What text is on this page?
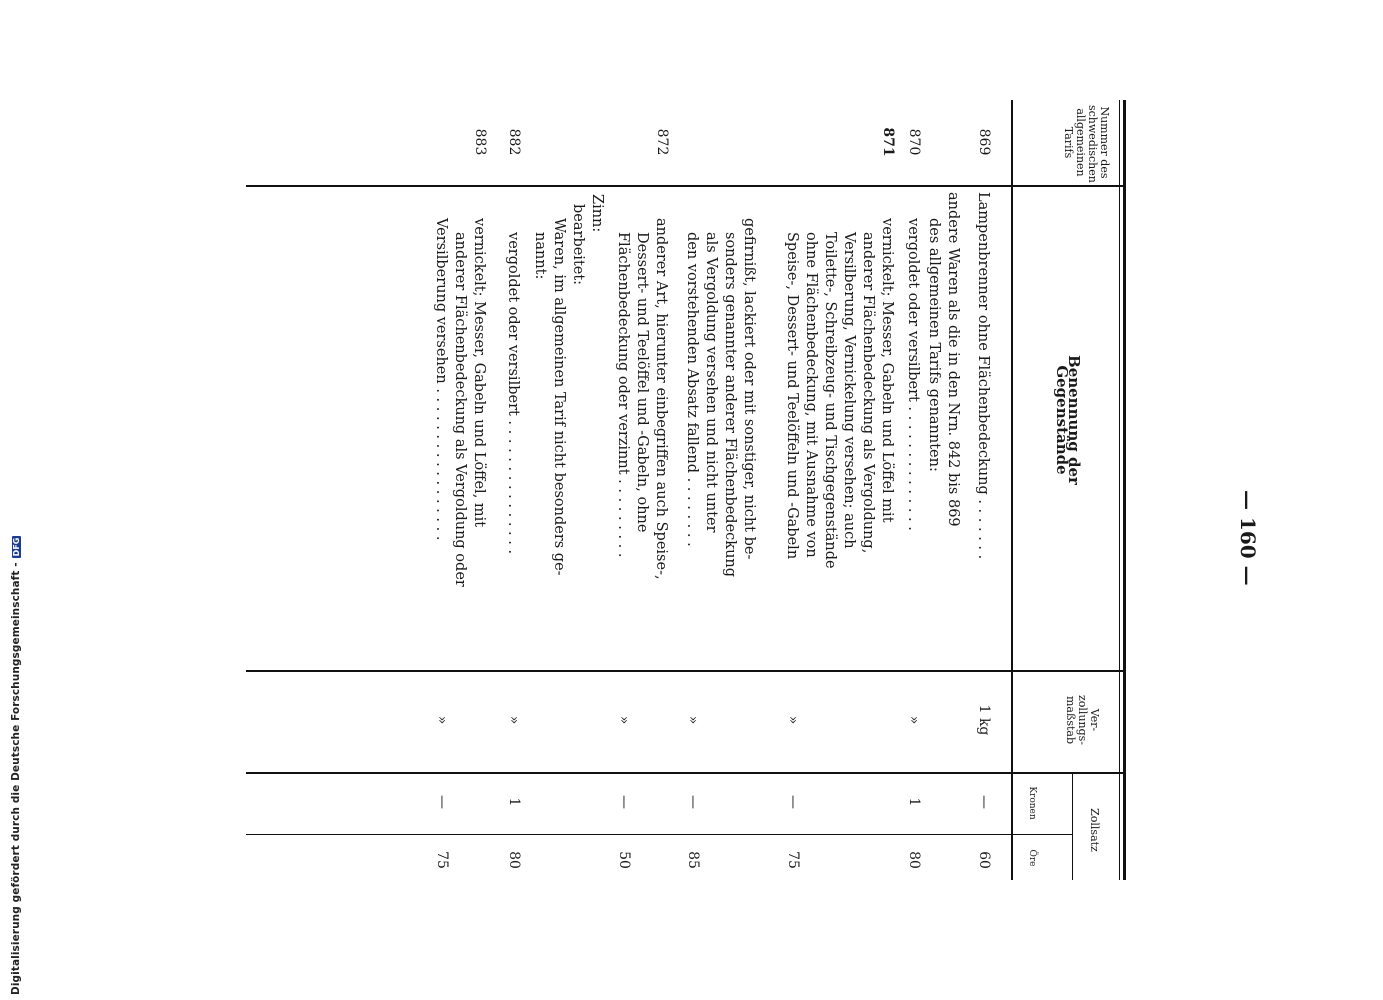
Digitalisierung gefördert durch die Deutsche Forschungsgemeinschaft -DFG	— 160 —
Nummer des schwedischen allgemeinen Tarifs
Benennung der Gegenstände
Ver-zollungs-maßstab
Zollsatz
Kronen
Öre
869
Lampenbrenner ohne Flächenbedeckung . . . . . . .
1 kg
—
60
andere Waren als die in den Nrn. 842 bis 869
des allgemeinen Tarifs genannten:
870
vergoldet oder versilbert . . . . . . . . . . . . . .
»
1
80
871
vernickelt; Messer, Gabeln und Löffel mit
anderer Flächenbedeckung als Vergoldung,
Versilberung, Vernickelung versehen; auch
Toilette-, Schreibzeug- und Tischgegenstände
ohne Flächenbedeckung, mit Ausnahme von
Speise-, Dessert- und Teelöffeln und -Gabeln
»
—
75
gefirnißt, lackiert oder mit sonstiger, nicht be-
sonders genannter anderer Flächenbedeckung
als Vergoldung versehen und nicht unter
den vorstehenden Absatz fallend . . . . . . . .
»
—
85
872
anderer Art, hierunter einbegriffen auch Speise-,
Dessert- und Teelöffel und -Gabeln, ohne
Flächenbedeckung oder verzinnt . . . . . . . . .
»
—
50
Zinn:
bearbeitet:
Waren, im allgemeinen Tarif nicht besonders ge-
nannt:
882
vergoldet oder versilbert . . . . . . . . . . . . . . .
»
1
80
883
vernickelt; Messer, Gabeln und Löffel, mit
anderer Flächenbedeckung als Vergoldung oder
Versilberung versehen . . . . . . . . . . . . . . . . .
»
—
75
